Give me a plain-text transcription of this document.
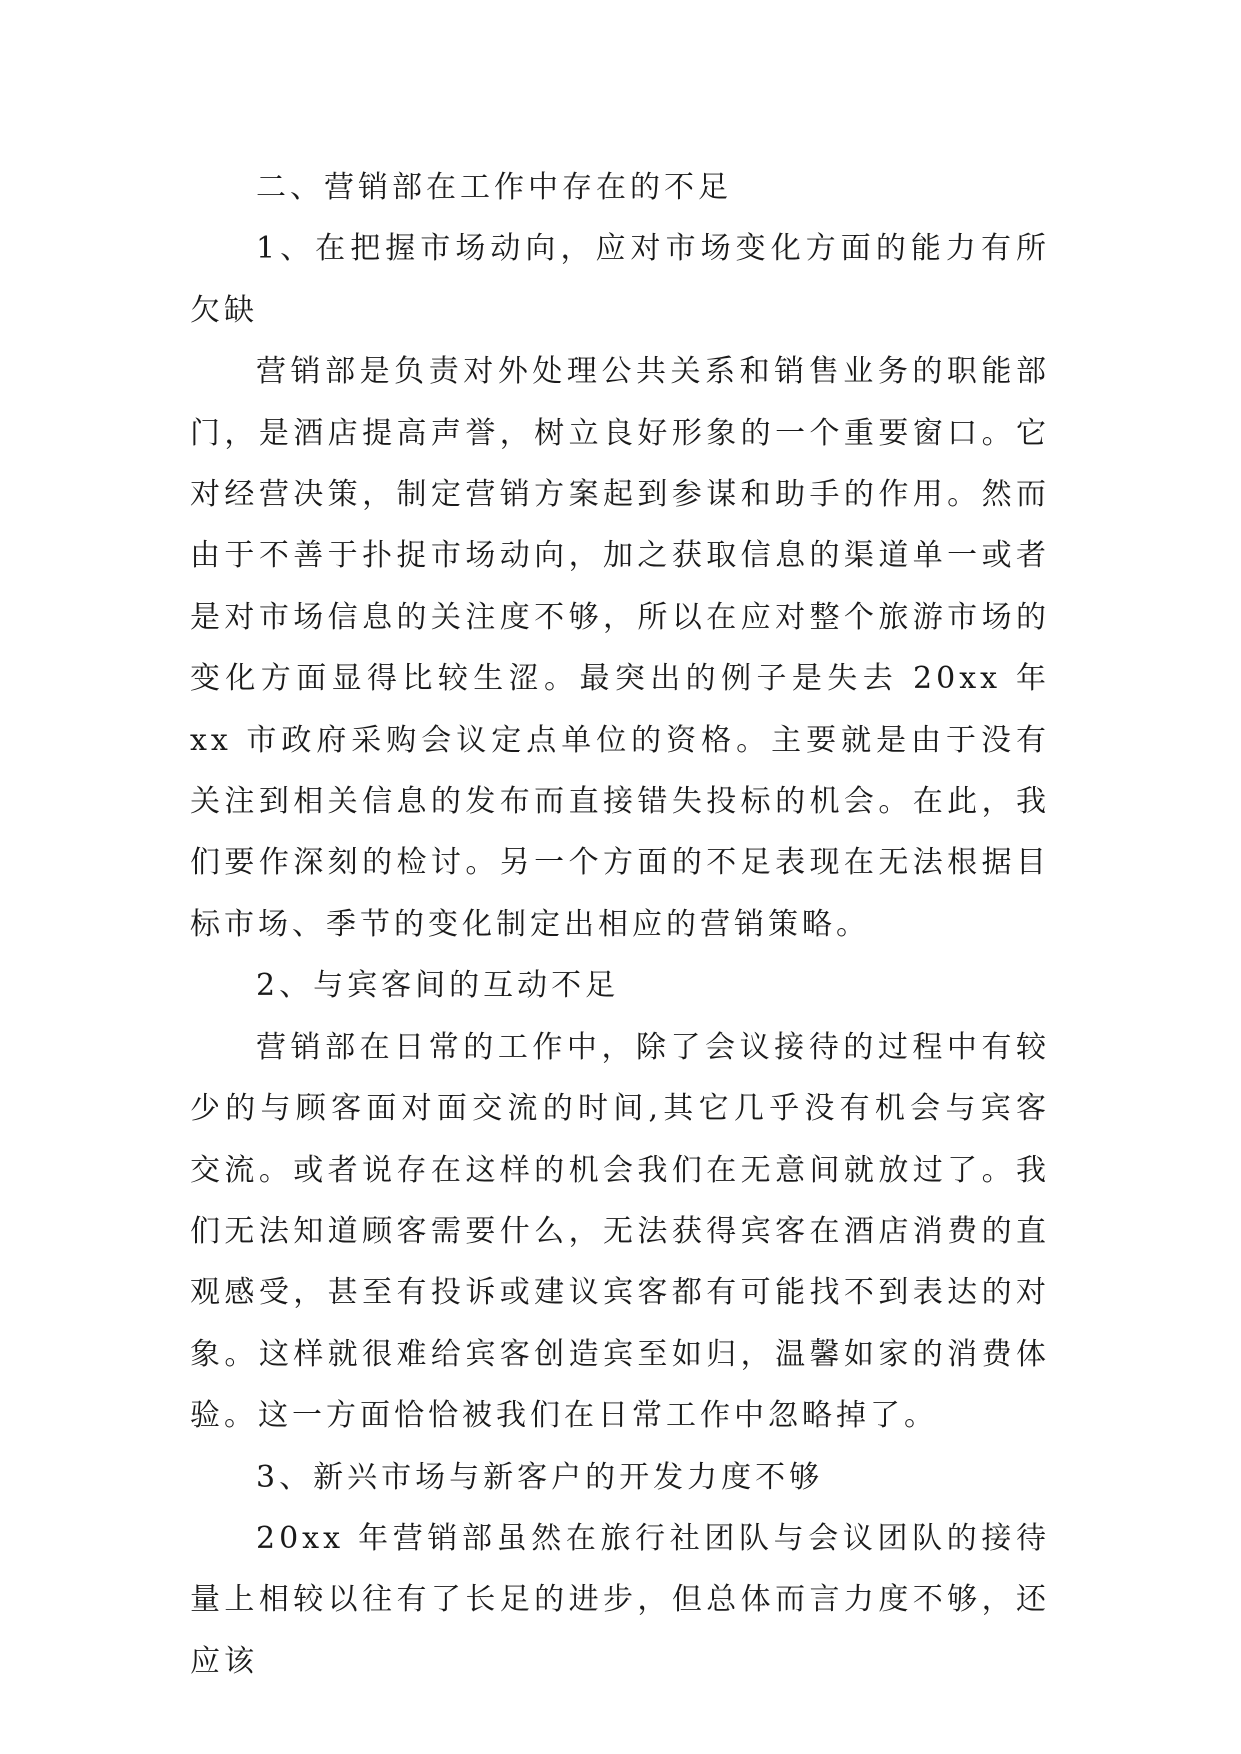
二、营销部在工作中存在的不足

1、在把握市场动向，应对市场变化方面的能力有所欠缺

营销部是负责对外处理公共关系和销售业务的职能部门，是酒店提高声誉，树立良好形象的一个重要窗口。它对经营决策，制定营销方案起到参谋和助手的作用。然而由于不善于扑捉市场动向，加之获取信息的渠道单一或者是对市场信息的关注度不够，所以在应对整个旅游市场的变化方面显得比较生涩。最突出的例子是失去 20xx 年 xx 市政府采购会议定点单位的资格。主要就是由于没有关注到相关信息的发布而直接错失投标的机会。在此，我们要作深刻的检讨。另一个方面的不足表现在无法根据目标市场、季节的变化制定出相应的营销策略。

2、与宾客间的互动不足

营销部在日常的工作中，除了会议接待的过程中有较少的与顾客面对面交流的时间,其它几乎没有机会与宾客交流。或者说存在这样的机会我们在无意间就放过了。我们无法知道顾客需要什么，无法获得宾客在酒店消费的直观感受，甚至有投诉或建议宾客都有可能找不到表达的对象。这样就很难给宾客创造宾至如归，温馨如家的消费体验。这一方面恰恰被我们在日常工作中忽略掉了。

3、新兴市场与新客户的开发力度不够

20xx 年营销部虽然在旅行社团队与会议团队的接待量上相较以往有了长足的进步，但总体而言力度不够，还应该
